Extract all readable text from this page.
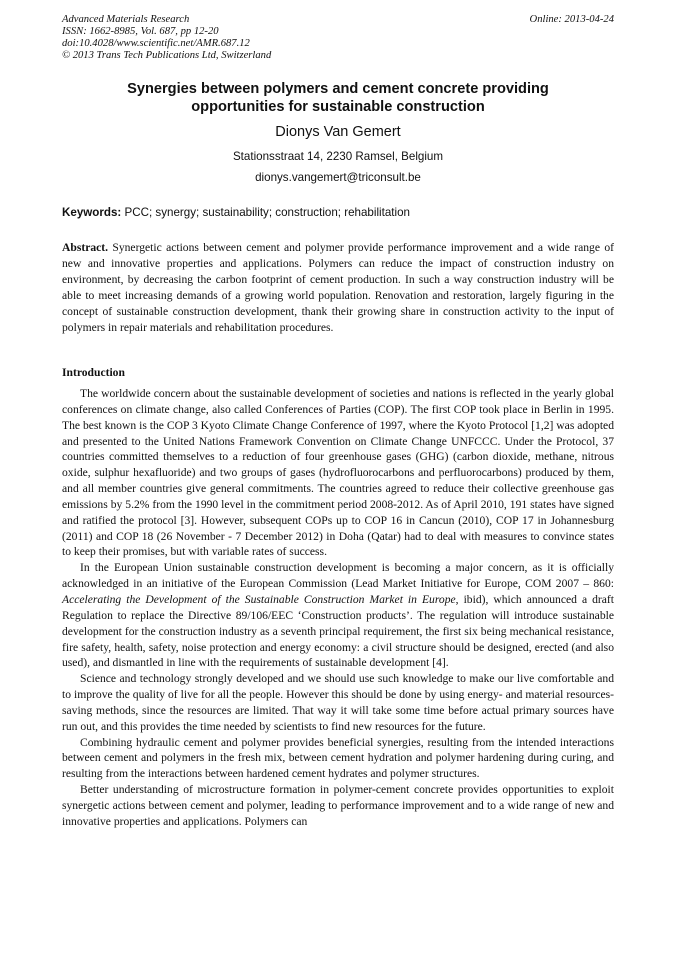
Advanced Materials Research
ISSN: 1662-8985, Vol. 687, pp 12-20
doi:10.4028/www.scientific.net/AMR.687.12
© 2013 Trans Tech Publications Ltd, Switzerland
Online: 2013-04-24
Synergies between polymers and cement concrete providing
opportunities for sustainable construction
Dionys Van Gemert
Stationsstraat 14, 2230 Ramsel, Belgium
dionys.vangemert@triconsult.be
Keywords: PCC; synergy; sustainability; construction; rehabilitation
Abstract. Synergetic actions between cement and polymer provide performance improvement and a wide range of new and innovative properties and applications. Polymers can reduce the impact of construction industry on environment, by decreasing the carbon footprint of cement production. In such a way construction industry will be able to meet increasing demands of a growing world population. Renovation and restoration, largely figuring in the concept of sustainable construction development, thank their growing share in construction activity to the input of polymers in repair materials and rehabilitation procedures.
Introduction

The worldwide concern about the sustainable development of societies and nations is reflected in the yearly global conferences on climate change, also called Conferences of Parties (COP). The first COP took place in Berlin in 1995. The best known is the COP 3 Kyoto Climate Change Conference of 1997, where the Kyoto Protocol [1,2] was adopted and presented to the United Nations Framework Convention on Climate Change UNFCCC. Under the Protocol, 37 countries committed themselves to a reduction of four greenhouse gases (GHG) (carbon dioxide, methane, nitrous oxide, sulphur hexafluoride) and two groups of gases (hydrofluorocarbons and perfluorocarbons) produced by them, and all member countries give general commitments. The countries agreed to reduce their collective greenhouse gas emissions by 5.2% from the 1990 level in the commitment period 2008-2012. As of April 2010, 191 states have signed and ratified the protocol [3]. However, subsequent COPs up to COP 16 in Cancun (2010), COP 17 in Johannesburg (2011) and COP 18 (26 November - 7 December 2012) in Doha (Qatar) had to deal with measures to convince states to keep their promises, but with variable rates of success.

In the European Union sustainable construction development is becoming a major concern, as it is officially acknowledged in an initiative of the European Commission (Lead Market Initiative for Europe, COM 2007 – 860: Accelerating the Development of the Sustainable Construction Market in Europe, ibid), which announced a draft Regulation to replace the Directive 89/106/EEC ‘Construction products’. The regulation will introduce sustainable development for the construction industry as a seventh principal requirement, the first six being mechanical resistance, fire safety, health, safety, noise protection and energy economy: a civil structure should be designed, erected (and also used), and dismantled in line with the requirements of sustainable development [4].

Science and technology strongly developed and we should use such knowledge to make our live comfortable and to improve the quality of live for all the people. However this should be done by using energy- and material resources-saving methods, since the resources are limited. That way it will take some time before actual primary sources have run out, and this provides the time needed by scientists to find new resources for the future.

Combining hydraulic cement and polymer provides beneficial synergies, resulting from the intended interactions between cement and polymers in the fresh mix, between cement hydration and polymer hardening during curing, and resulting from the interactions between hardened cement hydrates and polymer structures.

Better understanding of microstructure formation in polymer-cement concrete provides opportunities to exploit synergetic actions between cement and polymer, leading to performance improvement and to a wide range of new and innovative properties and applications. Polymers can
